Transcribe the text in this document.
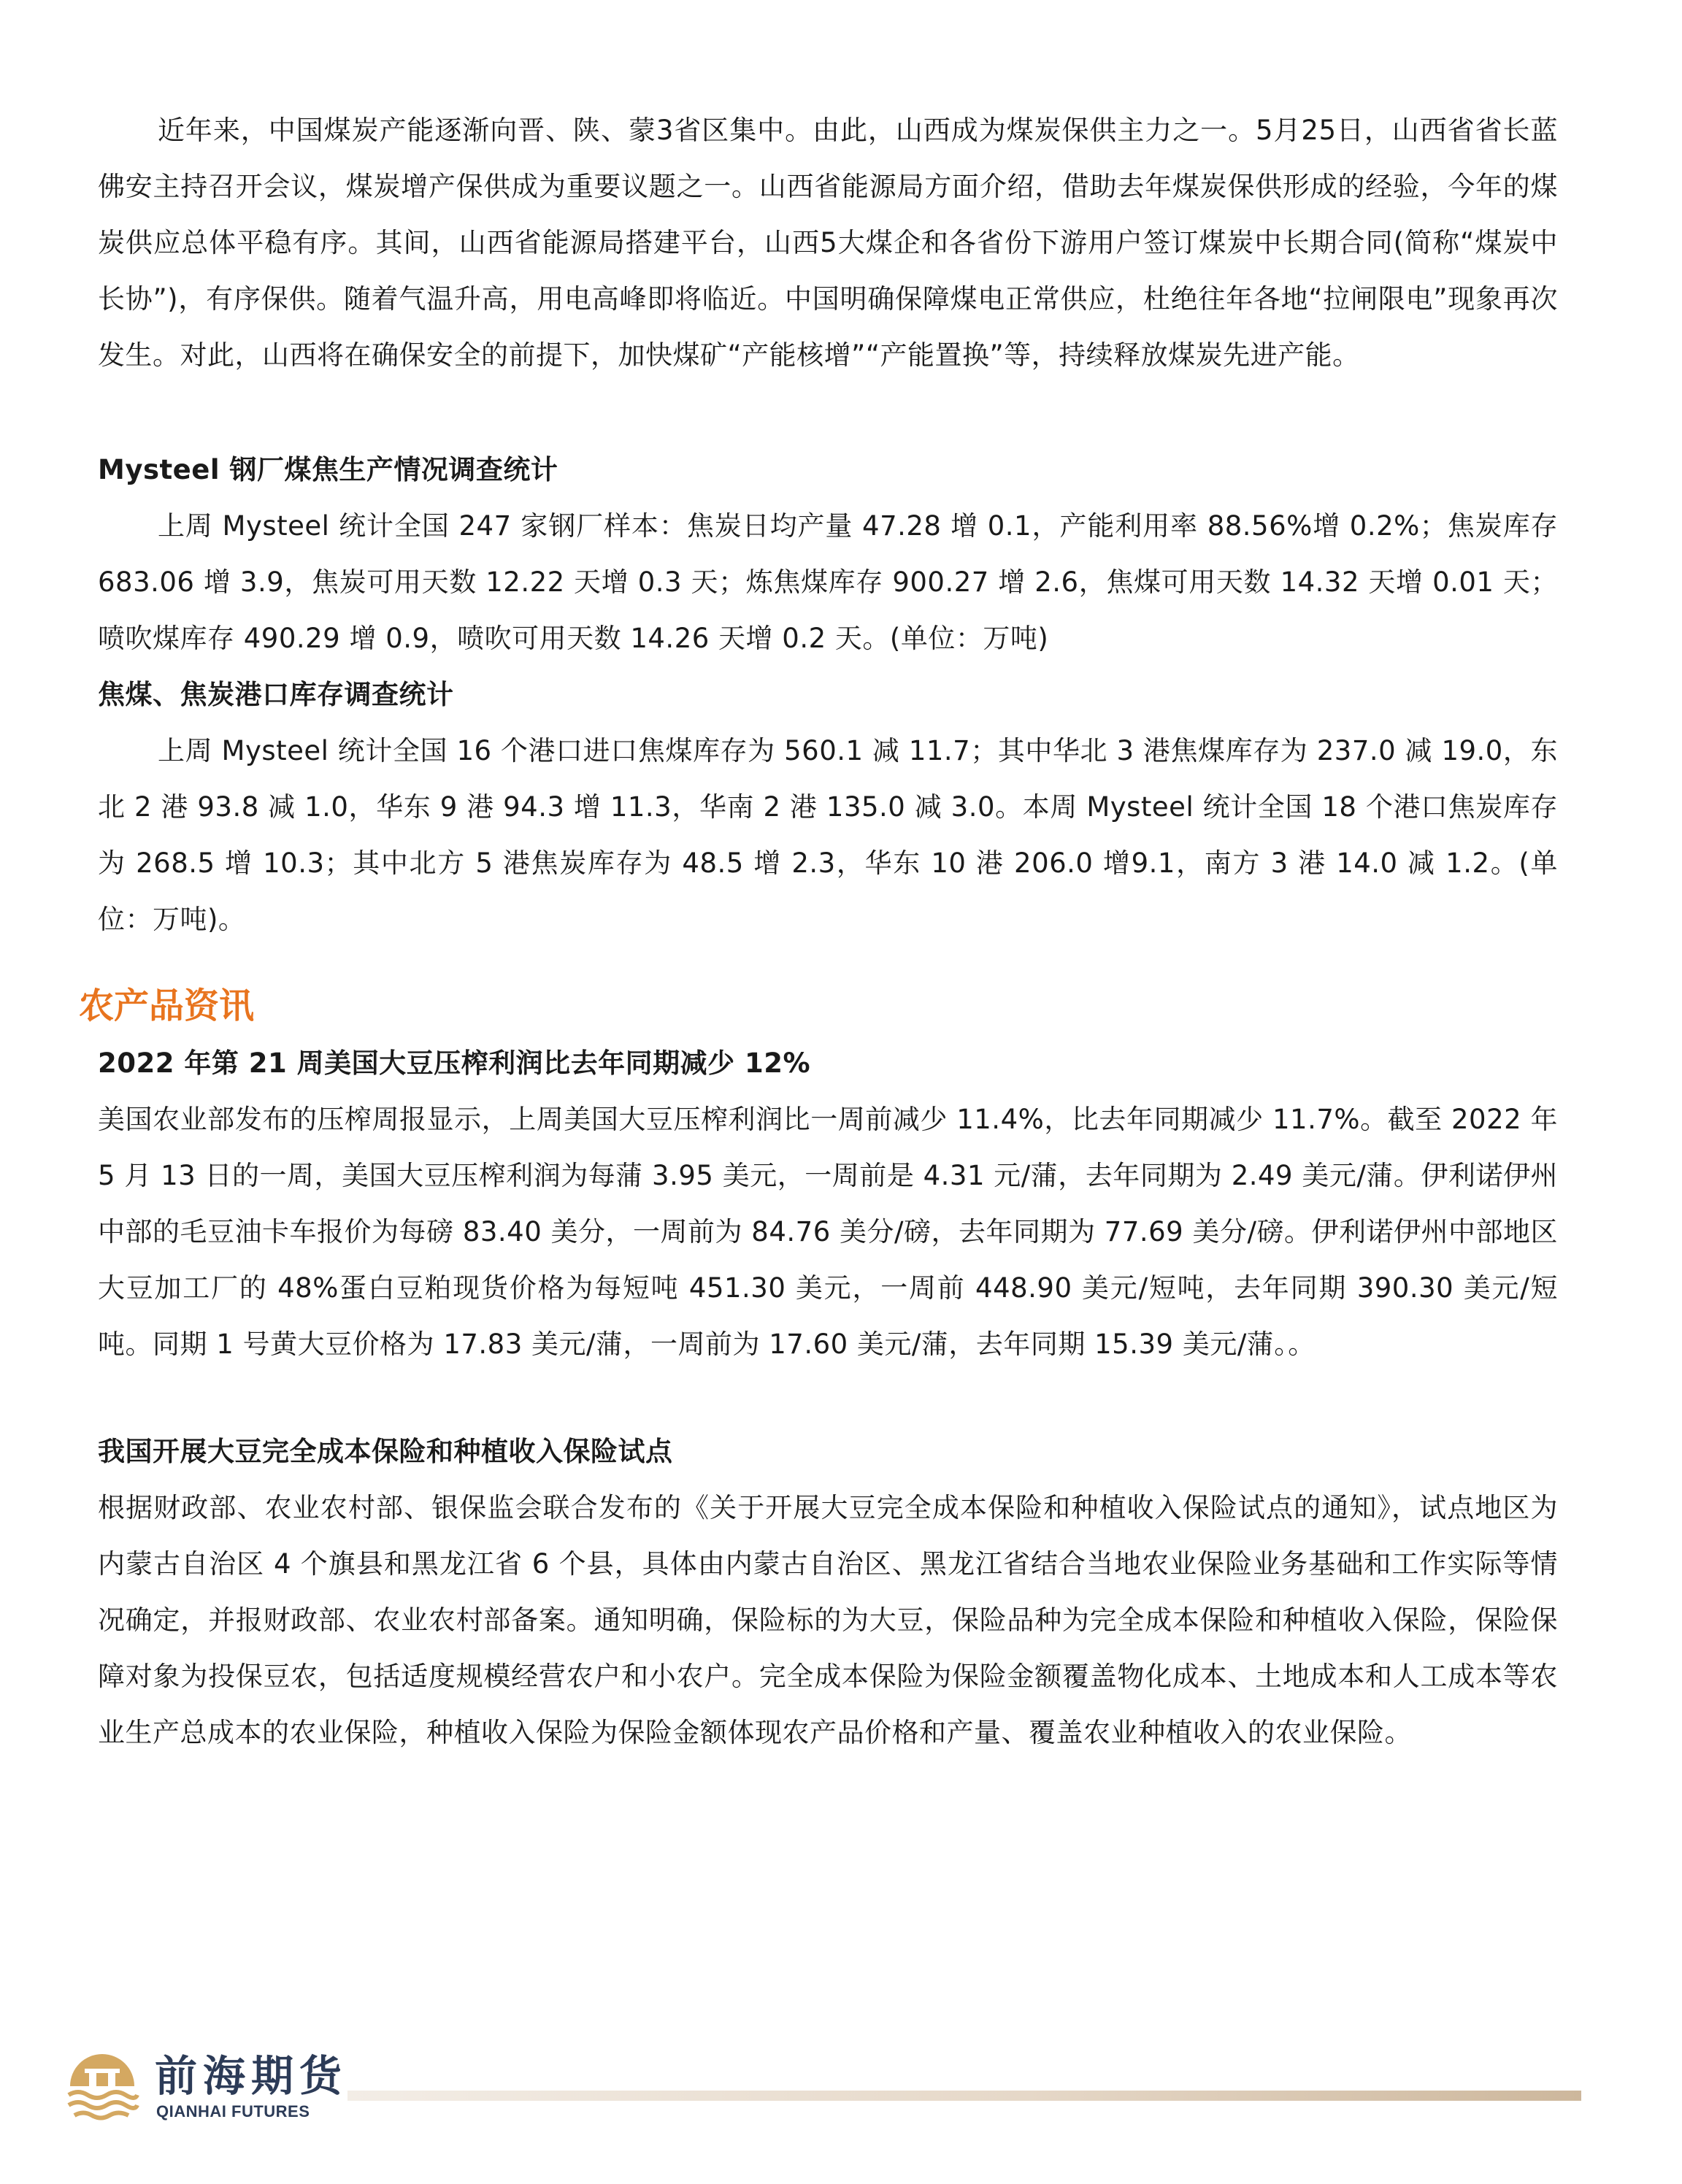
近年来，中国煤炭产能逐渐向晋、陕、蒙3省区集中。由此，山西成为煤炭保供主力之一。5月25日，山西省省长蓝佛安主持召开会议，煤炭增产保供成为重要议题之一。山西省能源局方面介绍，借助去年煤炭保供形成的经验，今年的煤炭供应总体平稳有序。其间，山西省能源局搭建平台，山西5大煤企和各省份下游用户签订煤炭中长期合同(简称“煤炭中长协”)，有序保供。随着气温升高，用电高峰即将临近。中国明确保障煤电正常供应，杜绝往年各地“拉闸限电”现象再次发生。对此，山西将在确保安全的前提下，加快煤矿“产能核增”“产能置换”等，持续释放煤炭先进产能。

Mysteel 钢厂煤焦生产情况调查统计

上周 Mysteel 统计全国 247 家钢厂样本：焦炭日均产量 47.28 增 0.1，产能利用率 88.56%增 0.2%；焦炭库存 683.06 增 3.9，焦炭可用天数 12.22 天增 0.3 天；炼焦煤库存 900.27 增 2.6，焦煤可用天数 14.32 天增 0.01 天；喷吹煤库存 490.29 增 0.9，喷吹可用天数 14.26 天增 0.2 天。(单位：万吨)

焦煤、焦炭港口库存调查统计

上周 Mysteel 统计全国 16 个港口进口焦煤库存为 560.1 减 11.7；其中华北 3 港焦煤库存为 237.0 减 19.0，东北 2 港 93.8 减 1.0，华东 9 港 94.3 增 11.3，华南 2 港 135.0 减 3.0。本周 Mysteel 统计全国 18 个港口焦炭库存为 268.5 增 10.3；其中北方 5 港焦炭库存为 48.5 增 2.3，华东 10 港 206.0 增9.1，南方 3 港 14.0 减 1.2。(单位：万吨)。

农产品资讯
2022 年第 21 周美国大豆压榨利润比去年同期减少 12%

美国农业部发布的压榨周报显示，上周美国大豆压榨利润比一周前减少 11.4%，比去年同期减少 11.7%。截至 2022 年 5 月 13 日的一周，美国大豆压榨利润为每蒲 3.95 美元，一周前是 4.31 元/蒲，去年同期为 2.49 美元/蒲。伊利诺伊州中部的毛豆油卡车报价为每磅 83.40 美分，一周前为 84.76 美分/磅，去年同期为 77.69 美分/磅。伊利诺伊州中部地区大豆加工厂的 48%蛋白豆粕现货价格为每短吨 451.30 美元，一周前 448.90 美元/短吨，去年同期 390.30 美元/短吨。同期 1 号黄大豆价格为 17.83 美元/蒲，一周前为 17.60 美元/蒲，去年同期 15.39 美元/蒲。。

我国开展大豆完全成本保险和种植收入保险试点

根据财政部、农业农村部、银保监会联合发布的《关于开展大豆完全成本保险和种植收入保险试点的通知》，试点地区为内蒙古自治区 4 个旗县和黑龙江省 6 个县，具体由内蒙古自治区、黑龙江省结合当地农业保险业务基础和工作实际等情况确定，并报财政部、农业农村部备案。通知明确，保险标的为大豆，保险品种为完全成本保险和种植收入保险，保险保障对象为投保豆农，包括适度规模经营农户和小农户。完全成本保险为保险金额覆盖物化成本、土地成本和人工成本等农业生产总成本的农业保险，种植收入保险为保险金额体现农产品价格和产量、覆盖农业种植收入的农业保险。

前海期货
QIANHAI FUTURES
